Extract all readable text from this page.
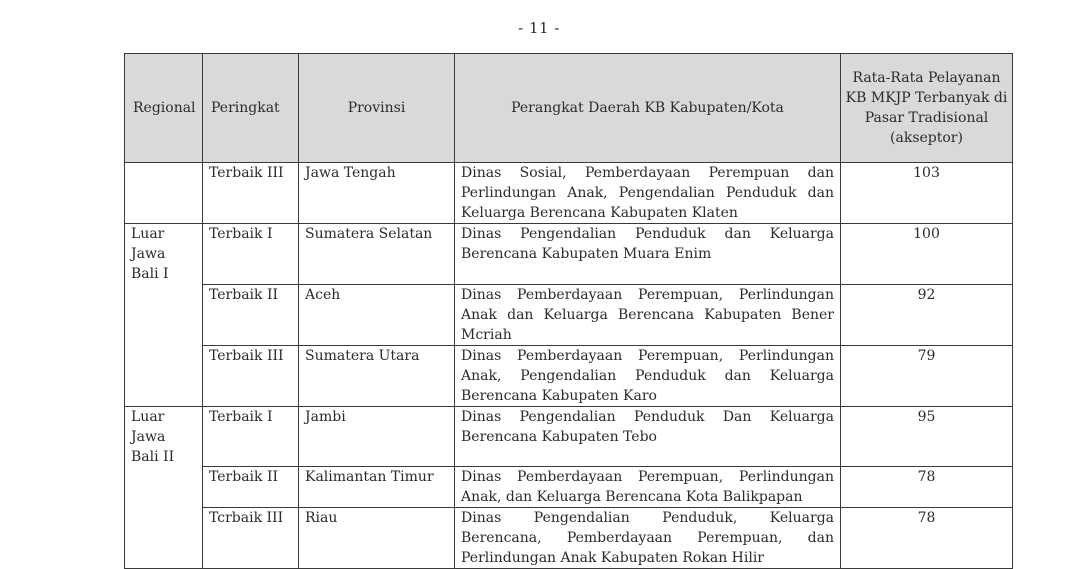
- 11 -
Regional	Peringkat	Provinsi	Perangkat Daerah KB Kabupaten/Kota	Rata-Rata Pelayanan KB MKJP Terbanyak di Pasar Tradisional (akseptor)
	Terbaik III	Jawa Tengah	Dinas Sosial, Pemberdayaan Perempuan dan Perlindungan Anak, Pengendalian Penduduk dan Keluarga Berencana Kabupaten Klaten	103
Luar Jawa Bali I	Terbaik I	Sumatera Selatan	Dinas Pengendalian Penduduk dan Keluarga Berencana Kabupaten Muara Enim	100
	Terbaik II	Aceh	Dinas Pemberdayaan Perempuan, Perlindungan Anak dan Keluarga Berencana Kabupaten Bener Mcriah	92
	Terbaik III	Sumatera Utara	Dinas Pemberdayaan Perempuan, Perlindungan Anak, Pengendalian Penduduk dan Keluarga Berencana Kabupaten Karo	79
Luar Jawa Bali II	Terbaik I	Jambi	Dinas Pengendalian Penduduk Dan Keluarga Berencana Kabupaten Tebo	95
	Terbaik II	Kalimantan Timur	Dinas Pemberdayaan Perempuan, Perlindungan Anak, dan Keluarga Berencana Kota Balikpapan	78
	Tcrbaik III	Riau	Dinas Pengendalian Penduduk, Keluarga Berencana, Pemberdayaan Perempuan, dan Perlindungan Anak Kabupaten Rokan Hilir	78
